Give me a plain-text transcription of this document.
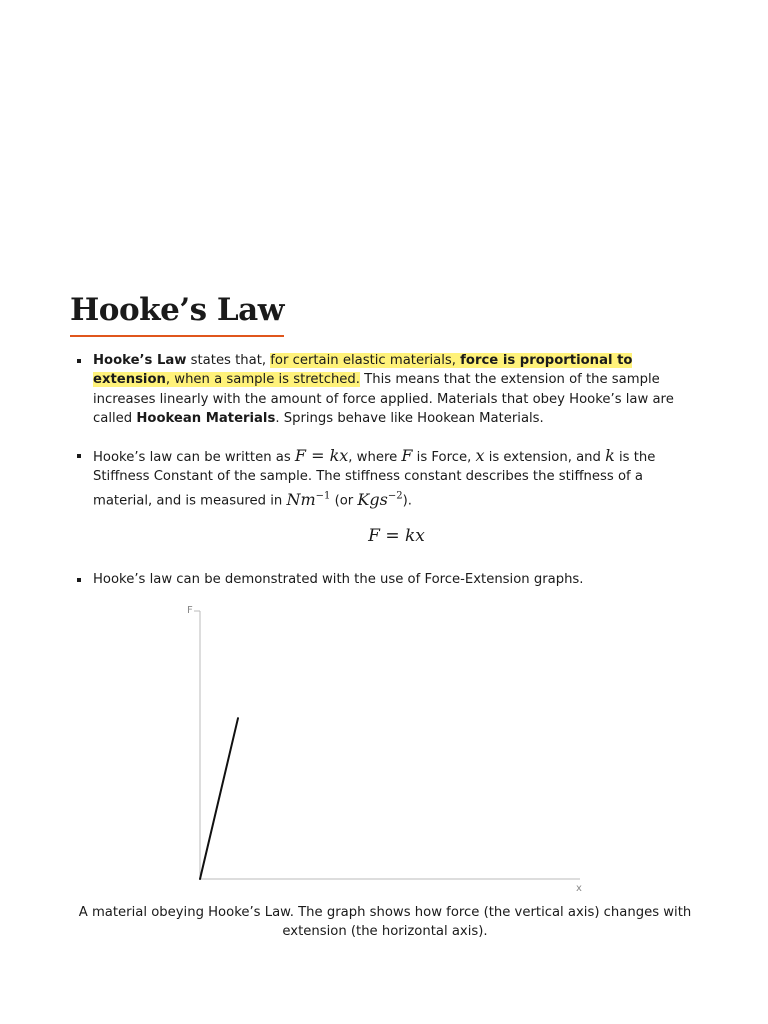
Hooke’s Law
Hooke’s Law states that, for certain elastic materials, force is proportional to extension, when a sample is stretched. This means that the extension of the sample increases linearly with the amount of force applied. Materials that obey Hooke’s law are called Hookean Materials. Springs behave like Hookean Materials.
Hooke’s law can be written as F = kx, where F is Force, x is extension, and k is the Stiffness Constant of the sample. The stiffness constant describes the stiffness of a material, and is measured in $Nm^{-1}$ (or Kgs$^{-2}$).
F = kx
Hooke’s law can be demonstrated with the use of Force-Extension graphs.
F
x
A material obeying Hooke’s Law. The graph shows how force (the vertical axis) changes with extension (the horizontal axis).
